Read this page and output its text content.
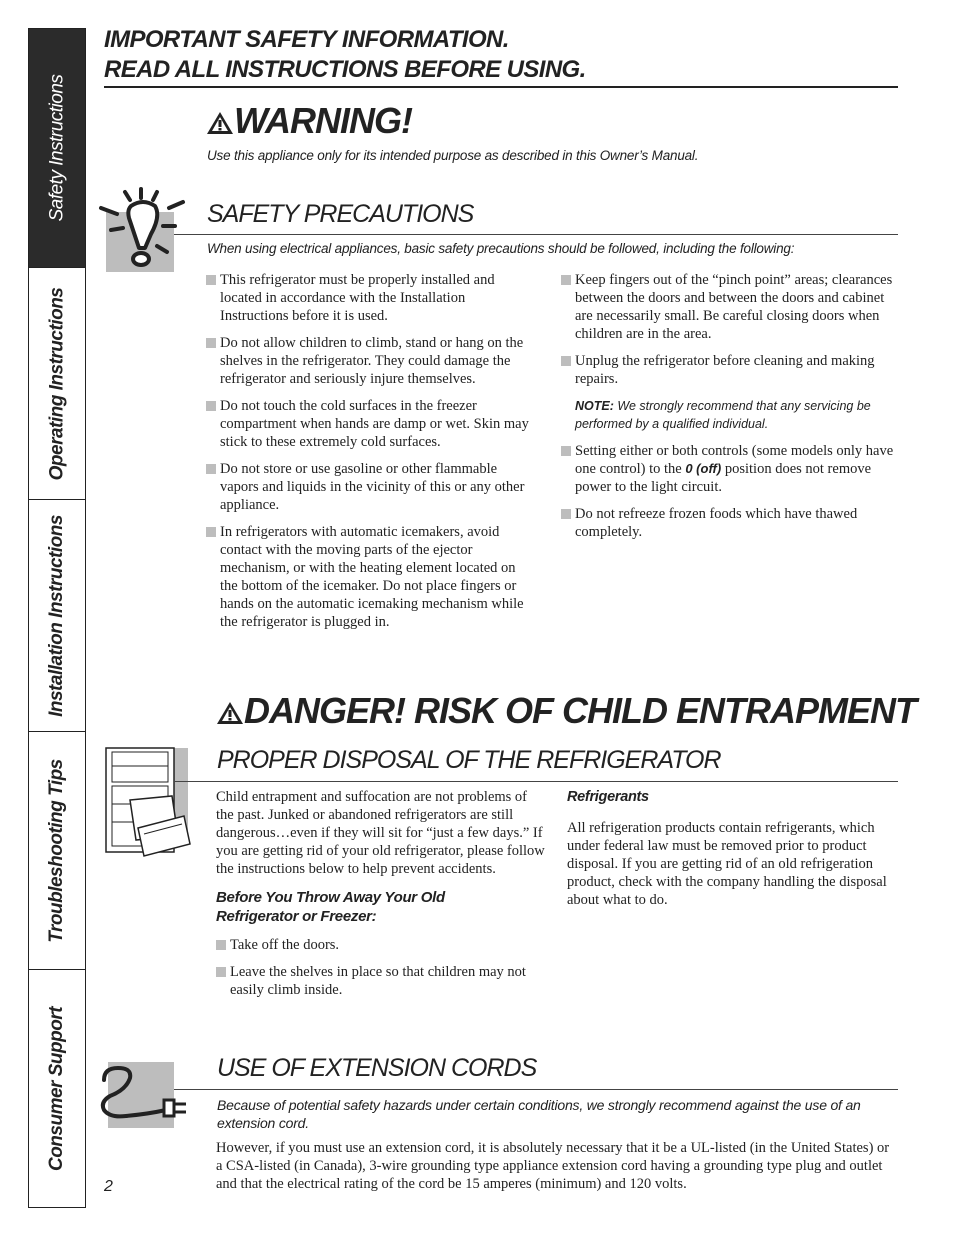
Safety Instructions
Operating Instructions
Installation Instructions
Troubleshooting Tips
Consumer Support
IMPORTANT SAFETY INFORMATION.
READ ALL INSTRUCTIONS BEFORE USING.
WARNING!
Use this appliance only for its intended purpose as described in this Owner’s Manual.
SAFETY PRECAUTIONS
When using electrical appliances, basic safety precautions should be followed, including the following:
This refrigerator must be properly installed and located in accordance with the Installation Instructions before it is used.
Do not allow children to climb, stand or hang on the shelves in the refrigerator. They could damage the refrigerator and seriously injure themselves.
Do not touch the cold surfaces in the freezer compartment when hands are damp or wet. Skin may stick to these extremely cold surfaces.
Do not store or use gasoline or other flammable vapors and liquids in the vicinity of this or any other appliance.
In refrigerators with automatic icemakers, avoid contact with the moving parts of the ejector mechanism, or with the heating element located on the bottom of the icemaker. Do not place fingers or hands on the automatic icemaking mechanism while the refrigerator is plugged in.
Keep fingers out of the “pinch point” areas; clearances between the doors and between the doors and cabinet are necessarily small. Be careful closing doors when children are in the area.
Unplug the refrigerator before cleaning and making repairs.
NOTE: We strongly recommend that any servicing be performed by a qualified individual.
Setting either or both controls (some models only have one control) to the 0 (off) position does not remove power to the light circuit.
Do not refreeze frozen foods which have thawed completely.
DANGER! RISK OF CHILD ENTRAPMENT
PROPER DISPOSAL OF THE REFRIGERATOR
Child entrapment and suffocation are not problems of the past. Junked or abandoned refrigerators are still dangerous…even if they will sit for “just a few days.” If you are getting rid of your old refrigerator, please follow the instructions below to help prevent accidents.
Before You Throw Away Your Old Refrigerator or Freezer:
Take off the doors.
Leave the shelves in place so that children may not easily climb inside.
Refrigerants
All refrigeration products contain refrigerants, which under federal law must be removed prior to product disposal. If you are getting rid of an old refrigeration product, check with the company handling the disposal about what to do.
USE OF EXTENSION CORDS
Because of potential safety hazards under certain conditions, we strongly recommend against the use of an extension cord.
However, if you must use an extension cord, it is absolutely necessary that it be a UL-listed (in the United States) or a CSA-listed (in Canada), 3-wire grounding type appliance extension cord having a grounding type plug and outlet and that the electrical rating of the cord be 15 amperes (minimum) and 120 volts.
2
